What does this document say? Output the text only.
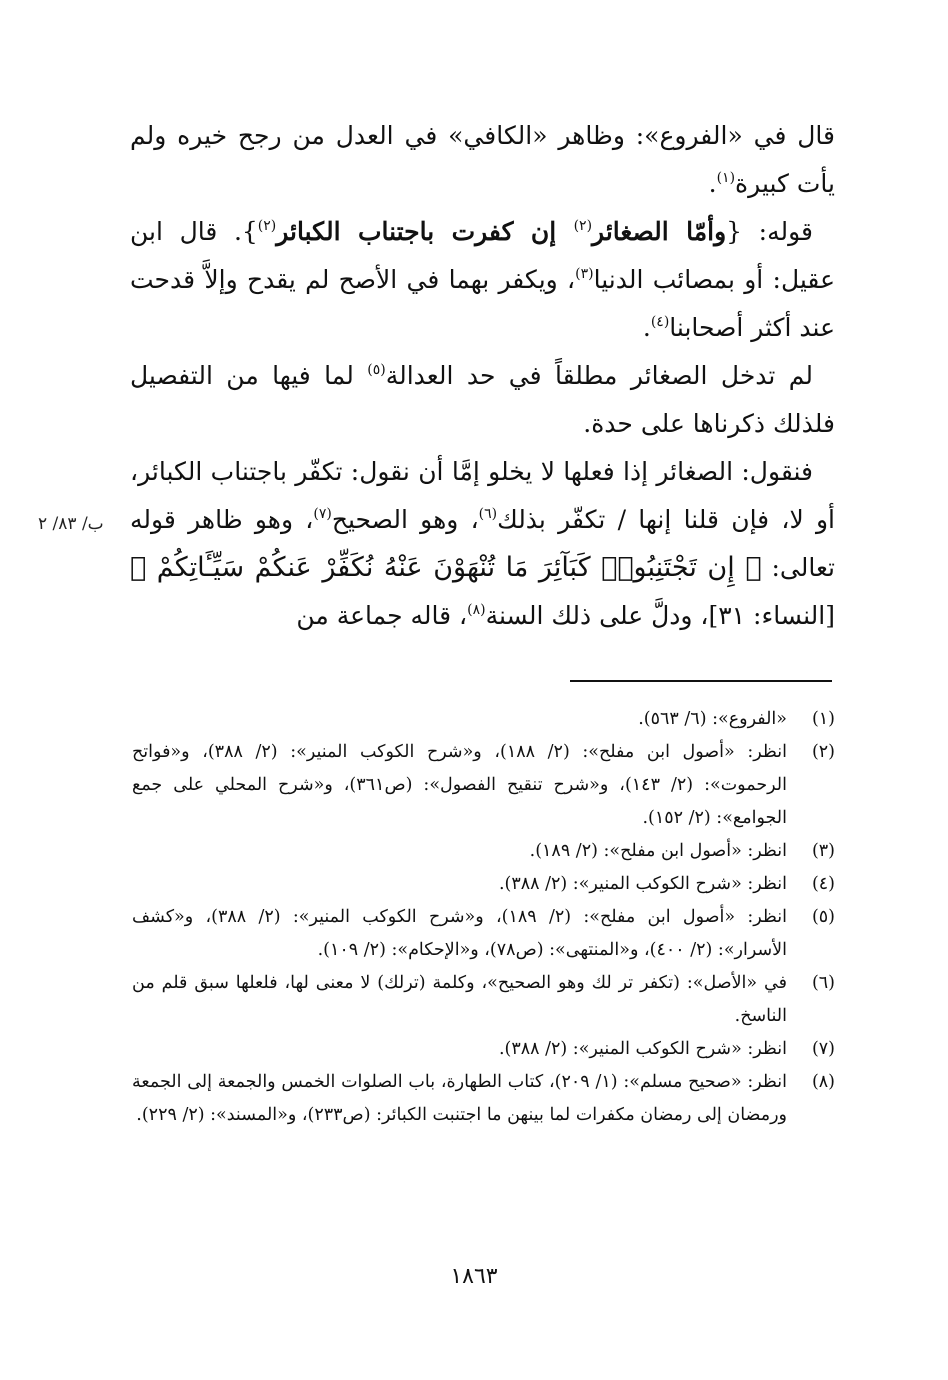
ب/ ٨٣/ ٢

قال في «الفروع»: وظاهر «الكافي» في العدل من رجح خيره ولم يأت كبيرة$^{(١)}$.

قوله: {وأمّا الصغائر$^{(٢)}$ إن كفرت باجتناب الكبائر$^{(٢)}$}. قال ابن عقيل: أو بمصائب الدنيا$^{(٣)}$، ويكفر بهما في الأصح لم يقدح وإلاَّ قدحت عند أكثر أصحابنا$^{(٤)}$.

لم تدخل الصغائر مطلقاً في حد العدالة$^{(٥)}$ لما فيها من التفصيل فلذلك ذكرناها على حدة.

فنقول: الصغائر إذا فعلها لا يخلو إمَّا أن نقول: تكفّر باجتناب الكبائر، أو لا، فإن قلنا إنها / تكفّر بذلك$^{(٦)}$، وهو الصحيح$^{(٧)}$، وهو ظاهر قوله تعالى: ﴿ إِن تَجْتَنِبُوا۟ كَبَآئِرَ مَا تُنْهَوْنَ عَنْهُ نُكَفِّرْ عَنكُمْ سَيِّـَٔاتِكُمْ ﴾ [النساء: ٣١]، ودلَّ على ذلك السنة$^{(٨)}$، قاله جماعة من

(١)
«الفروع»: (٦/ ٥٦٣).
(٢)
انظر: «أصول ابن مفلح»: (٢/ ١٨٨)، و«شرح الكوكب المنير»: (٢/ ٣٨٨)، و«فواتح الرحموت»: (٢/ ١٤٣)، و«شرح تنقيح الفصول»: (ص٣٦١)، و«شرح المحلي على جمع الجوامع»: (٢/ ١٥٢).
(٣)
انظر: «أصول ابن مفلح»: (٢/ ١٨٩).
(٤)
انظر: «شرح الكوكب المنير»: (٢/ ٣٨٨).
(٥)
انظر: «أصول ابن مفلح»: (٢/ ١٨٩)، و«شرح الكوكب المنير»: (٢/ ٣٨٨)، و«كشف الأسرار»: (٢/ ٤٠٠)، و«المنتهى»: (ص٧٨)، و«الإحكام»: (٢/ ١٠٩).
(٦)
في «الأصل»: (تكفر تر لك وهو الصحيح»، وكلمة (ترلك) لا معنى لها، فلعلها سبق قلم من الناسخ.
(٧)
انظر: «شرح الكوكب المنير»: (٢/ ٣٨٨).
(٨)
انظر: «صحيح مسلم»: (١/ ٢٠٩)، كتاب الطهارة، باب الصلوات الخمس والجمعة إلى الجمعة ورمضان إلى رمضان مكفرات لما بينهن ما اجتنبت الكبائر: (ص٢٣٣)، و«المسند»: (٢/ ٢٢٩).
١٨٦٣
